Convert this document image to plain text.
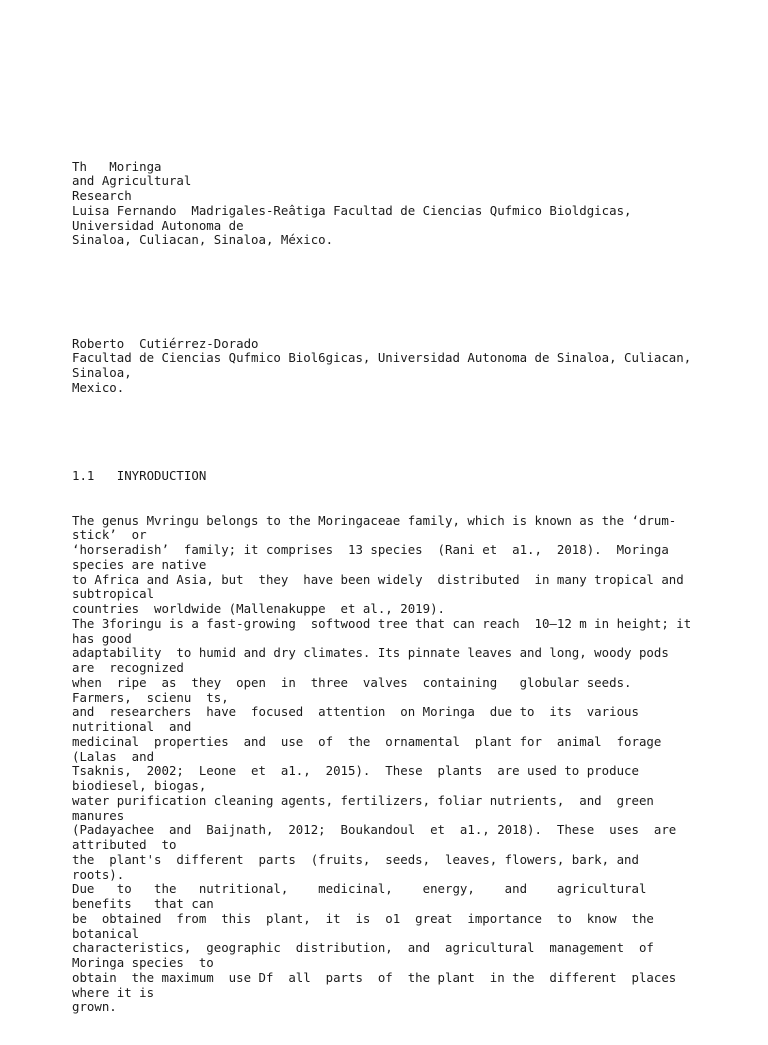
Th   Moringa
and Agricultural
Research
Luisa Fernando  Madrigales-Reâtiga Facultad de Ciencias Qufmico Bioldgicas,
Universidad Autonoma de
Sinaloa, Culiacan, Sinaloa, México.

Roberto  Cutiérrez-Dorado
Facultad de Ciencias Qufmico Biol6gicas, Universidad Autonoma de Sinaloa, Culiacan,
Sinaloa,
Mexico.

1.1   INYRODUCTION

The genus Mvringu belongs to the Moringaceae family, which is known as the ‘drum-
stick’  or
‘horseradish’  family; it comprises  13 species  (Rani et  a1.,  2018).  Moringa
species are native
to Africa and Asia, but  they  have been widely  distributed  in many tropical and
subtropical
countries  worldwide (Mallenakuppe  et al., 2019).
The 3foringu is a fast-growing  softwood tree that can reach  10—12 m in height; it
has good
adaptability  to humid and dry climates. Its pinnate leaves and long, woody pods
are  recognized
when  ripe  as  they  open  in  three  valves  containing   globular seeds.
Farmers,  scienu  ts,
and  researchers  have  focused  attention  on Moringa  due to  its  various
nutritional  and
medicinal  properties  and  use  of  the  ornamental  plant for  animal  forage
(Lalas  and
Tsaknis,  2002;  Leone  et  a1.,  2015).  These  plants  are used to produce
biodiesel, biogas,
water purification cleaning agents, fertilizers, foliar nutrients,  and  green
manures
(Padayachee  and  Baijnath,  2012;  Boukandoul  et  a1., 2018).  These  uses  are
attributed  to
the  plant's  different  parts  (fruits,  seeds,  leaves, flowers, bark, and
roots).
Due   to   the   nutritional,    medicinal,    energy,    and    agricultural
benefits   that can
be  obtained  from  this  plant,  it  is  o1  great  importance  to  know  the
botanical
characteristics,  geographic  distribution,  and  agricultural  management  of
Moringa species  to
obtain  the maximum  use Df  all  parts  of  the plant  in the  different  places
where it is
grown.
